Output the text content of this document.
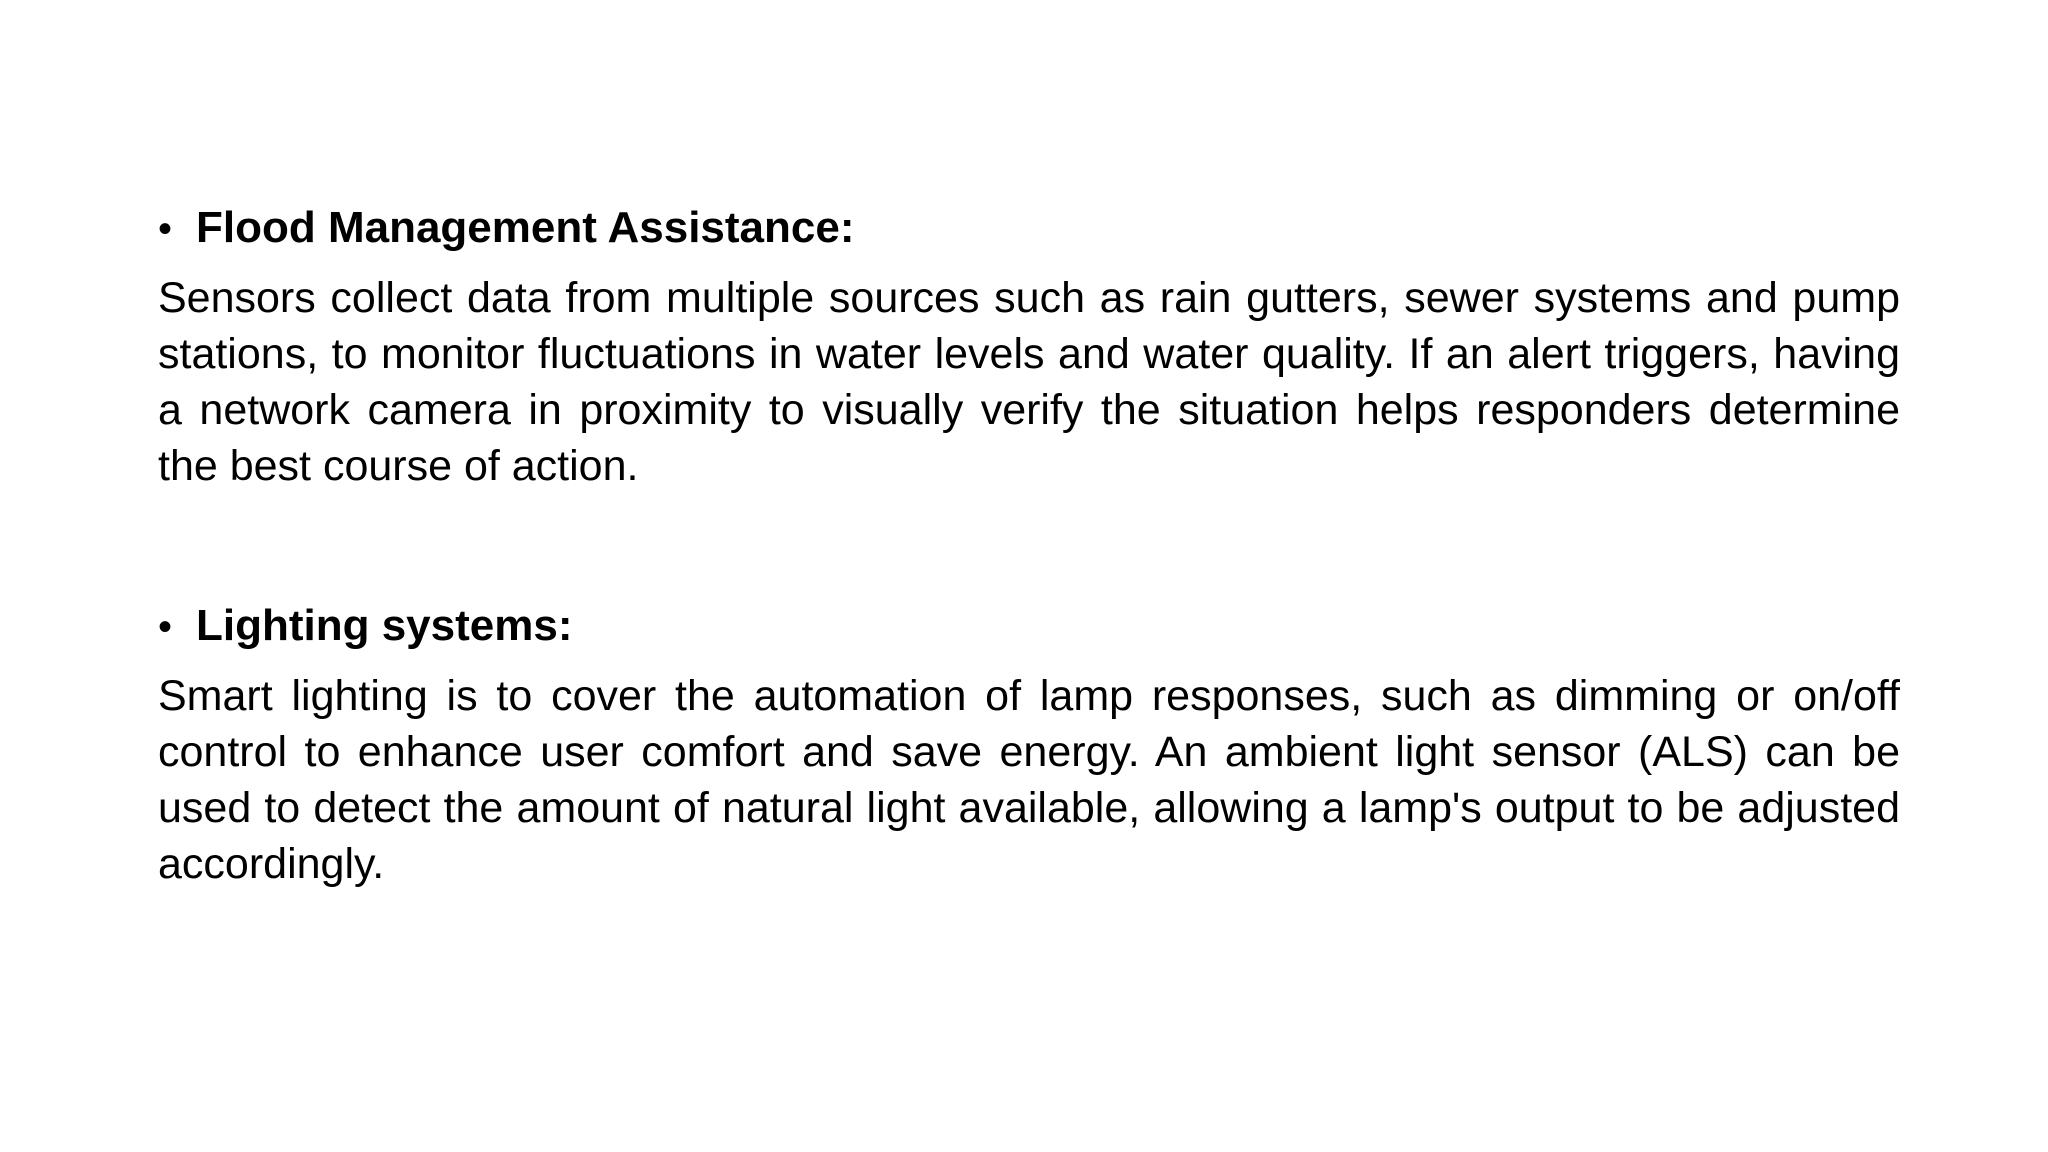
• Flood Management Assistance:

Sensors collect data from multiple sources such as rain gutters, sewer systems and pump stations, to monitor fluctuations in water levels and water quality. If an alert triggers, having a network camera in proximity to visually verify the situation helps responders determine the best course of action.

• Lighting systems:

Smart lighting is to cover the automation of lamp responses, such as dimming or on/off control to enhance user comfort and save energy. An ambient light sensor (ALS) can be used to detect the amount of natural light available, allowing a lamp's output to be adjusted accordingly.
